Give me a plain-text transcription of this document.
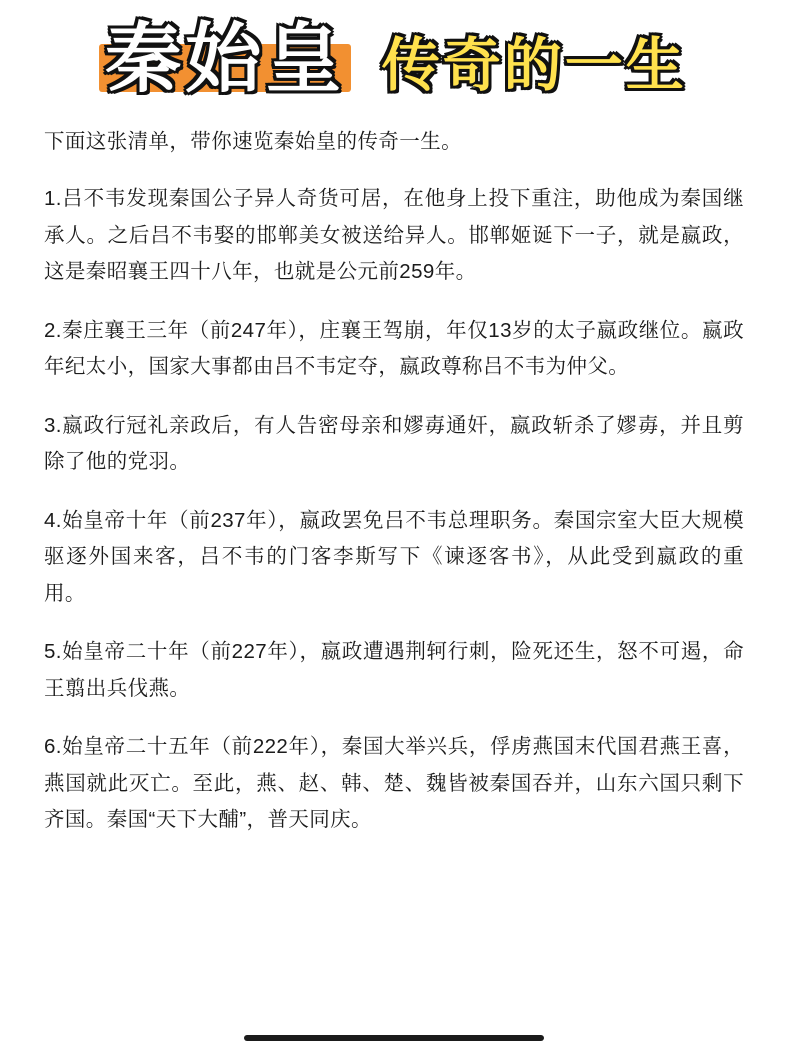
秦始皇
传奇的一生

下面这张清单，带你速览秦始皇的传奇一生。

1.吕不韦发现秦国公子异人奇货可居，在他身上投下重注，助他成为秦国继承人。之后吕不韦娶的邯郸美女被送给异人。邯郸姬诞下一子，就是嬴政，这是秦昭襄王四十八年，也就是公元前259年。

2.秦庄襄王三年（前247年），庄襄王驾崩，年仅13岁的太子嬴政继位。嬴政年纪太小，国家大事都由吕不韦定夺，嬴政尊称吕不韦为仲父。

3.嬴政行冠礼亲政后，有人告密母亲和嫪毐通奸，嬴政斩杀了嫪毐，并且剪除了他的党羽。

4.始皇帝十年（前237年），嬴政罢免吕不韦总理职务。秦国宗室大臣大规模驱逐外国来客，吕不韦的门客李斯写下《谏逐客书》，从此受到嬴政的重用。

5.始皇帝二十年（前227年），嬴政遭遇荆轲行刺，险死还生，怒不可遏，命王翦出兵伐燕。

6.始皇帝二十五年（前222年），秦国大举兴兵，俘虏燕国末代国君燕王喜，燕国就此灭亡。至此，燕、赵、韩、楚、魏皆被秦国吞并，山东六国只剩下齐国。秦国“天下大酺”，普天同庆。
